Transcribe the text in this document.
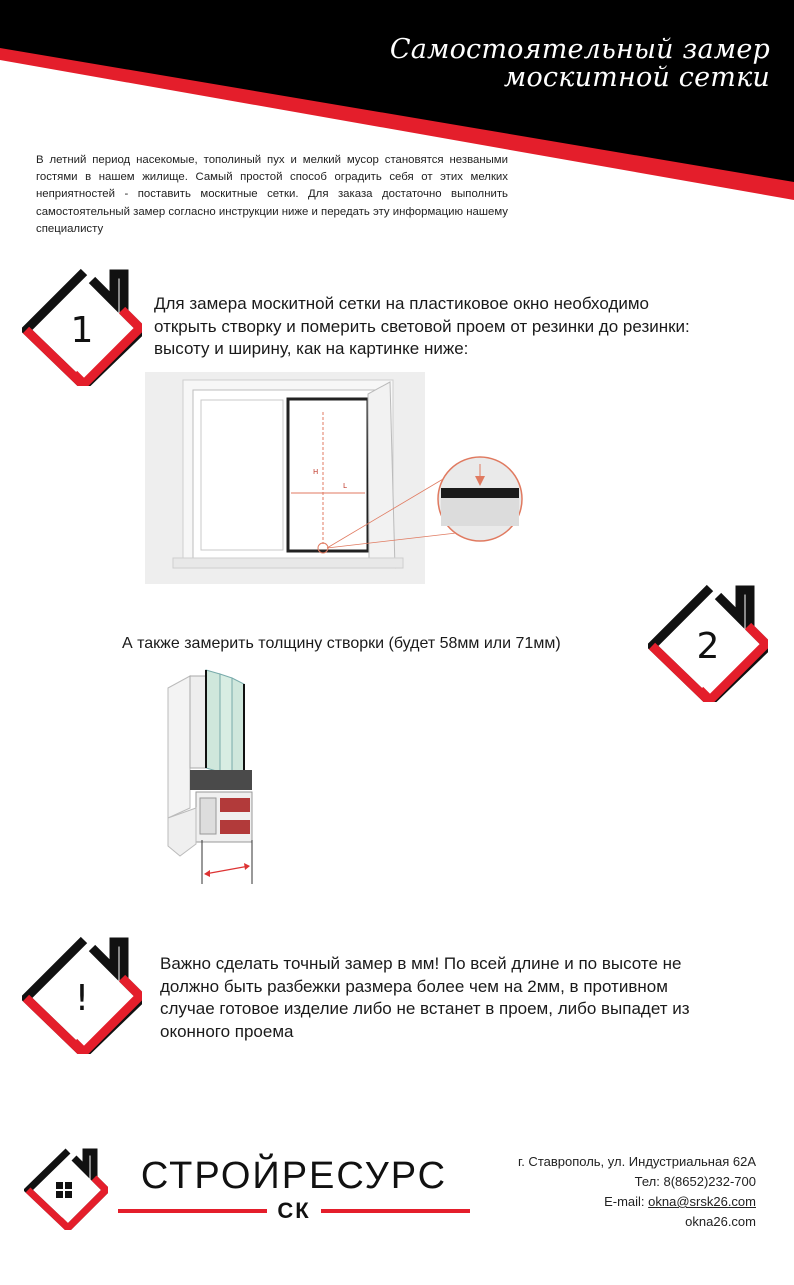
Самостоятельный замер
москитной сетки
В летний период насекомые, тополиный пух и мелкий мусор становятся незваными гостями в нашем жилище. Самый простой способ оградить себя от этих мелких неприятностей - поставить москитные сетки. Для заказа достаточно выполнить самостоятельный замер согласно инструкции ниже и передать эту информацию нашему специалисту
1
Для замера москитной сетки на пластиковое окно необходимо открыть створку и померить световой проем от резинки до резинки: высоту и ширину, как на картинке ниже:
H
L
2
А также замерить толщину створки (будет 58мм или 71мм)
!
Важно сделать точный замер в мм! По всей длине и по высоте не должно быть разбежки размера более чем на 2мм, в противном случае готовое изделие либо не встанет в проем, либо выпадет из оконного проема
СТРОЙРЕСУРС
СК
г. Ставрополь, ул. Индустриальная 62А
Тел: 8(8652)232-700
E-mail: okna@srsk26.com
okna26.com
